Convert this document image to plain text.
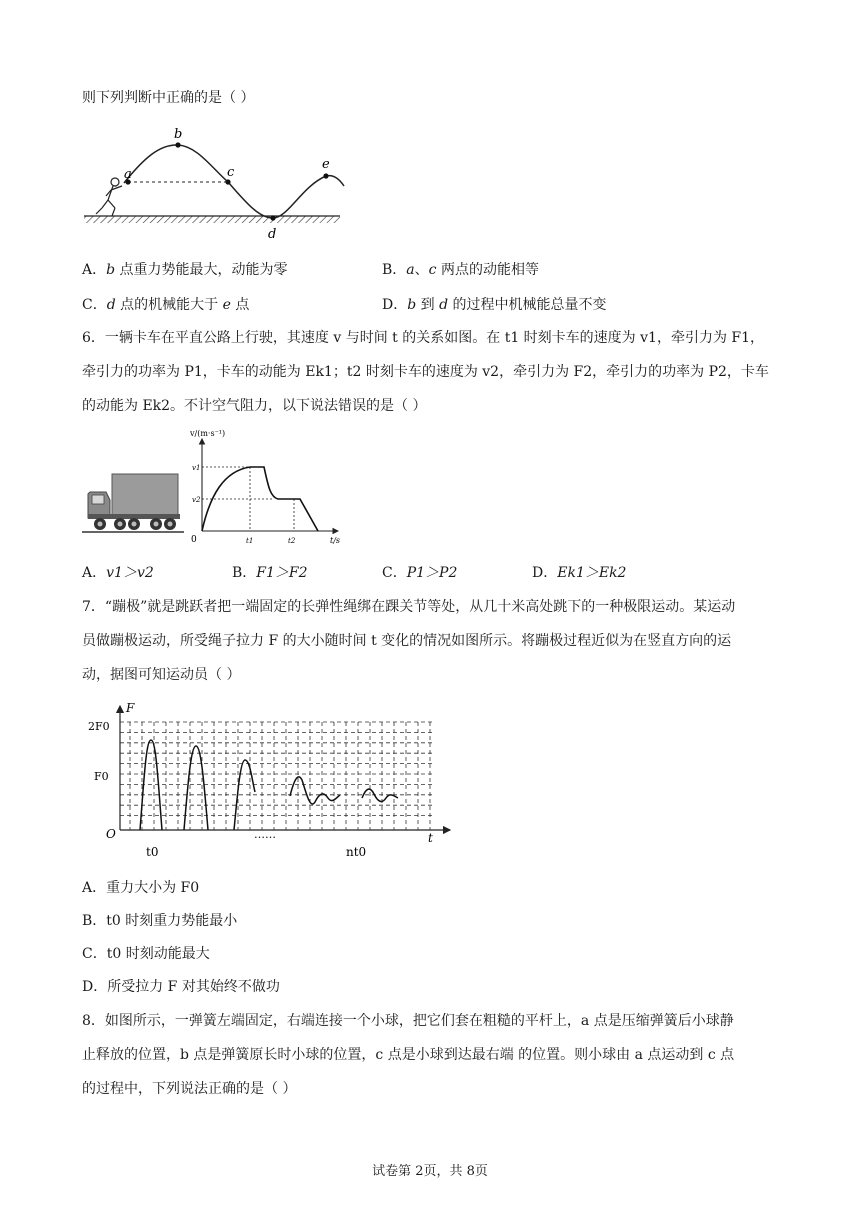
则下列判断中正确的是（ ）
a
b
c
d
e
A．b 点重力势能最大，动能为零	B．a、c 两点的动能相等
C．d 点的机械能大于 e 点	D．b 到 d 的过程中机械能总量不变
6．一辆卡车在平直公路上行驶，其速度 v 与时间 t 的关系如图。在 t1 时刻卡车的速度为 v1，牵引力为 F1，
牵引力的功率为 P1，卡车的动能为 Ek1；t2 时刻卡车的速度为 v2，牵引力为 F2，牵引力的功率为 P2，卡车
的动能为 Ek2。不计空气阻力，以下说法错误的是（ ）
v/(m·s⁻¹)
t/s
0
v1
v2
t1	t2
A．v1＞v2	B．F1＞F2	C．P1＞P2	D．Ek1＞Ek2
7．“蹦极”就是跳跃者把一端固定的长弹性绳绑在踝关节等处，从几十米高处跳下的一种极限运动。某运动
员做蹦极运动，所受绳子拉力 F 的大小随时间 t 变化的情况如图所示。将蹦极过程近似为在竖直方向的运
动，据图可知运动员（ ）
F
t
O
2F0
F0
t0	nt0
……
A．重力大小为 F0
B．t0 时刻重力势能最小
C．t0 时刻动能最大
D．所受拉力 F 对其始终不做功
8．如图所示，一弹簧左端固定，右端连接一个小球，把它们套在粗糙的平杆上，a 点是压缩弹簧后小球静
止释放的位置，b 点是弹簧原长时小球的位置，c 点是小球到达最右端 的位置。则小球由 a 点运动到 c 点
的过程中，下列说法正确的是（ ）
试卷第 2页，共 8页
